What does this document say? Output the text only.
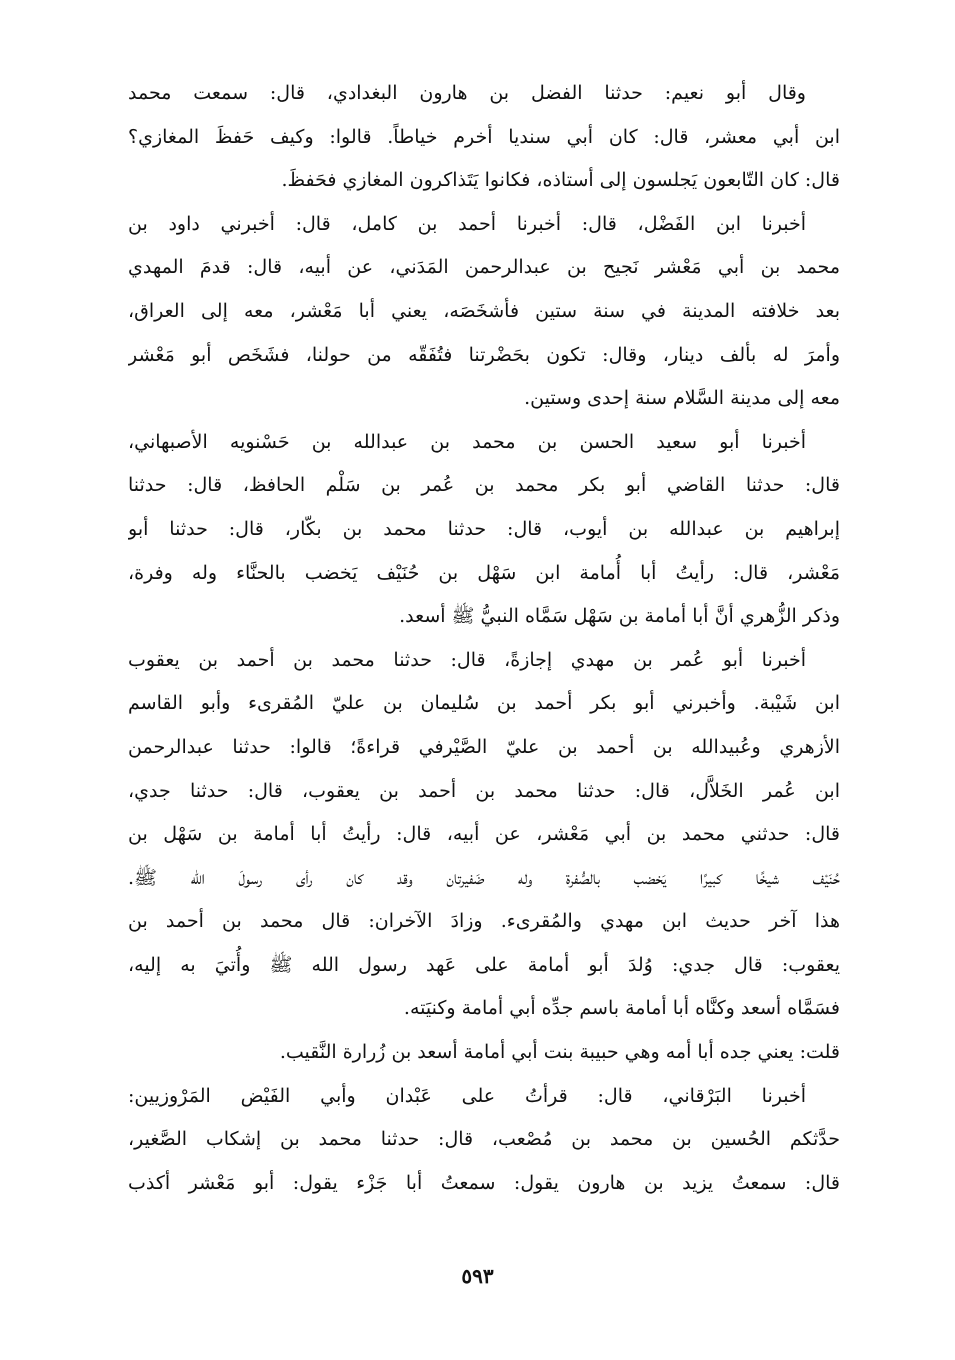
وقال أبو نعيم: حدثنا الفضل بن هارون البغدادي، قال: سمعت محمد
ابن أبي معشر، قال: كان أبي سنديا أخرم خياطاً. قالوا: وكيف حَفظَ المغازي؟
قال: كان التّابعون يَجلسون إلى أستاذه، فكانوا يَتَذاكرون المغازي فحَفظَ.
أخبرنا ابن الفَضْل، قال: أخبرنا أحمد بن كامل، قال: أخبرني داود بن
محمد بن أبي مَعْشر نَجيح بن عبدالرحمن المَدَني، عن أبيه، قال: قدمَ المهدي
بعد خلافته المدينة في سنة ستين فأشخَصَه، يعني أبا مَعْشر، معه إلى العراق،
وأمرَ له بألف دينار، وقال: تكون بحَضْرتنا فتُفَقّه من حولنا، فشَخَص أبو مَعْشر
معه إلى مدينة السَّلام سنة إحدى وستين.
أخبرنا أبو سعيد الحسن بن محمد بن عبدالله بن حَسْنويه الأصبهاني،
قال: حدثنا القاضي أبو بكر محمد بن عُمر بن سَلْم الحافظ، قال: حدثنا
إبراهيم بن عبدالله بن أيوب، قال: حدثنا محمد بن بكّار، قال: حدثنا أبو
مَعْشر، قال: رأيتُ أبا أُمامة ابن سَهْل بن حُنَيْف يَخضب بالحنَّاء وله وفرة،
وذكر الزُّهري أنَّ أبا أمامة بن سَهْل سَمَّاه النبيُّ ﷺ أسعد.
أخبرنا أبو عُمر بن مهدي إجازةً، قال: حدثنا محمد بن أحمد بن يعقوب
ابن شَيْبة. وأخبرني أبو بكر أحمد بن سُليمان بن عليّ المُقرىء وأبو القاسم
الأزهري وعُبيدالله بن أحمد بن عليّ الصَّيْرفي قراءةً؛ قالوا: حدثنا عبدالرحمن
ابن عُمر الخَلاَّل، قال: حدثنا محمد بن أحمد بن يعقوب، قال: حدثنا جدي،
قال: حدثني محمد بن أبي مَعْشر، عن أبيه، قال: رأيتُ أبا أمامة بن سَهْل بن
حُنَيْف شيخًا كبيرًا يَخضب بالصُّفرة وله ضَفيرتان وقد كان رأى رسولَ الله ﷺ.
هذا آخر حديث ابن مهدي والمُقرىء. وزادَ الآخران: قال محمد بن أحمد بن
يعقوب: قال جدي: وُلدَ أبو أمامة على عَهد رسول الله ﷺ وأُتيَ به إليه،
فسَمَّاه أسعد وكنَّاه أبا أمامة باسم جدِّه أبي أمامة وكنيَته.
قلت: يعني جده أبا أمه وهي حبيبة بنت أبي أمامة أسعد بن زُرارة النَّقيب.
أخبرنا البَرْقاني، قال: قرأتُ على عَبْدان وأبي الفَيْض المَرْوزيين:
حدَّثكم الحُسين بن محمد بن مُصْعب، قال: حدثنا محمد بن إشكاب الصَّغير،
قال: سمعتُ يزيد بن هارون يقول: سمعتُ أبا جَزْء يقول: أبو مَعْشر أكذب
٥٩٣
